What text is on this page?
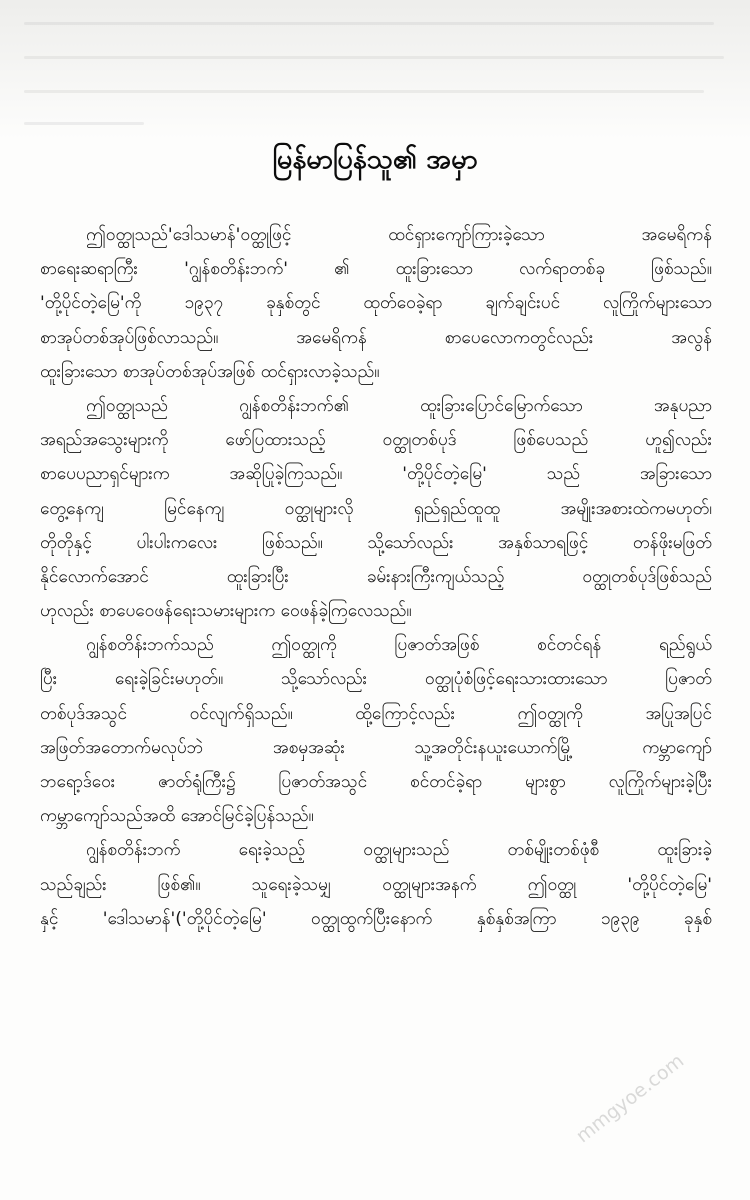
မြန်မာပြန်သူ၏ အမှာ

ဤဝတ္ထုသည်'ဒေါသမာန်'ဝတ္ထုဖြင့် ထင်ရှားကျော်ကြားခဲ့သော အမေရိကန်
စာရေးဆရာကြီး 'ဂျွန်စတိန်းဘက်' ၏ ထူးခြားသော လက်ရာတစ်ခု ဖြစ်သည်။
'တို့ပိုင်တဲ့မြေ'ကို ၁၉၃၇ ခုနှစ်တွင် ထုတ်ဝေခဲ့ရာ ချက်ချင်းပင် လူကြိုက်များသော
စာအုပ်တစ်အုပ်ဖြစ်လာသည်။ အမေရိကန် စာပေလောကတွင်လည်း အလွန်
ထူးခြားသော စာအုပ်တစ်အုပ်အဖြစ် ထင်ရှားလာခဲ့သည်။

ဤဝတ္ထုသည် ဂျွန်စတိန်းဘက်၏ ထူးခြားပြောင်မြောက်သော အနုပညာ
အရည်အသွေးများကို ဖော်ပြထားသည့် ဝတ္ထုတစ်ပုဒ် ဖြစ်ပေသည် ဟူ၍လည်း
စာပေပညာရှင်များက အဆိုပြုခဲ့ကြသည်။ 'တို့ပိုင်တဲ့မြေ' သည် အခြားသော
တွေ့နေကျ မြင်နေကျ ဝတ္ထုများလို ရှည်ရှည်ထူထူ အမျိုးအစားထဲကမဟုတ်၊
တိုတိုနှင့် ပါးပါးကလေး ဖြစ်သည်။ သို့သော်လည်း အနှစ်သာရဖြင့် တန်ဖိုးမဖြတ်
နိုင်လောက်အောင် ထူးခြားပြီး ခမ်းနားကြီးကျယ်သည့် ဝတ္ထုတစ်ပုဒ်ဖြစ်သည်
ဟုလည်း စာပေဝေဖန်ရေးသမားများက ဝေဖန်ခဲ့ကြလေသည်။

ဂျွန်စတိန်းဘက်သည် ဤဝတ္ထုကို ပြဇာတ်အဖြစ် စင်တင်ရန် ရည်ရွယ်
ပြီး ရေးခဲ့ခြင်းမဟုတ်။ သို့သော်လည်း ဝတ္ထုပုံစံဖြင့်ရေးသားထားသော ပြဇာတ်
တစ်ပုဒ်အသွင် ဝင်လျက်ရှိသည်။ ထို့ကြောင့်လည်း ဤဝတ္ထုကို အပြုအပြင်
အဖြတ်အတောက်မလုပ်ဘဲ အစမှအဆုံး သူ့အတိုင်းနယူးယောက်မြို့ ကမ္ဘာကျော်
ဘရော့ဒ်ဝေး ဇာတ်ရုံကြီး၌ ပြဇာတ်အသွင် စင်တင်ခဲ့ရာ များစွာ လူကြိုက်များခဲ့ပြီး
ကမ္ဘာကျော်သည်အထိ အောင်မြင်ခဲ့ပြန်သည်။

ဂျွန်စတိန်းဘက် ရေးခဲ့သည့် ဝတ္ထုများသည် တစ်မျိုးတစ်ဖုံစီ ထူးခြားခဲ့
သည်ချည်း ဖြစ်၏။ သူရေးခဲ့သမျှ ဝတ္ထုများအနက် ဤဝတ္ထု 'တို့ပိုင်တဲ့မြေ'
နှင့် 'ဒေါသမာန်'('တို့ပိုင်တဲ့မြေ' ဝတ္ထုထွက်ပြီးနောက် နှစ်နှစ်အကြာ ၁၉၃၉ ခုနှစ်

mmgyoe.com
